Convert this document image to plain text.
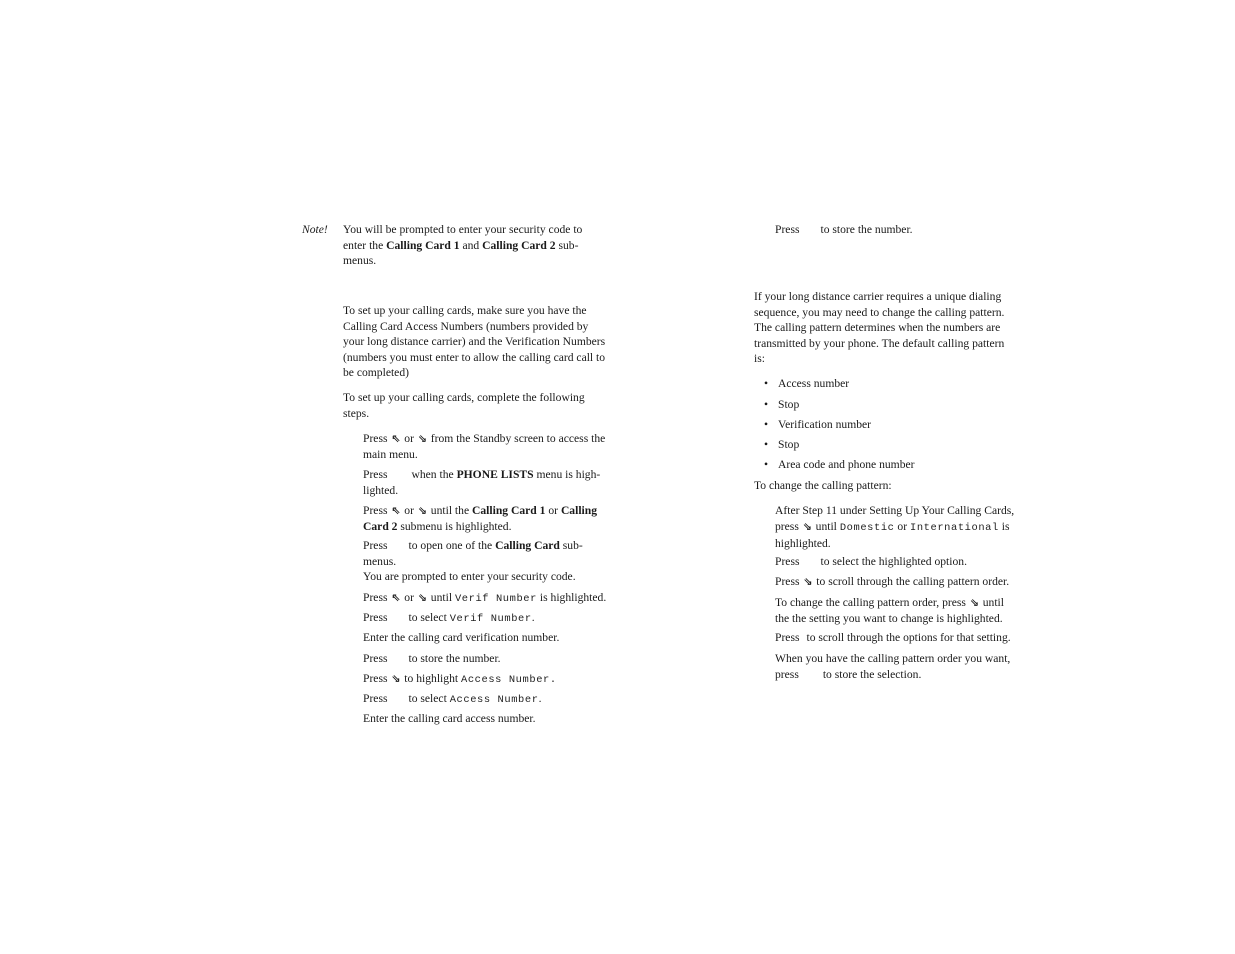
Note! You will be prompted to enter your security code to
enter the Calling Card 1 and Calling Card 2 sub-
menus.
To set up your calling cards, make sure you have the
Calling Card Access Numbers (numbers provided by
your long distance carrier) and the Verification Numbers
(numbers you must enter to allow the calling card call to
be completed)
To set up your calling cards, complete the following
steps.
Press ⇖ or ⇘ from the Standby screen to access the
main menu.
Press when the PHONE LISTS menu is high-
lighted.
Press ⇖ or ⇘ until the Calling Card 1 or Calling
Card 2 submenu is highlighted.
Press to open one of the Calling Card sub-
menus.
You are prompted to enter your security code.
Press ⇖ or ⇘ until Verif Number is highlighted.
Press to select Verif Number.
Enter the calling card verification number.
Press to store the number.
Press ⇘ to highlight Access Number.
Press to select Access Number.
Enter the calling card access number.
Press to store the number.
If your long distance carrier requires a unique dialing
sequence, you may need to change the calling pattern.
The calling pattern determines when the numbers are
transmitted by your phone. The default calling pattern
is:
• Access number
• Stop
• Verification number
• Stop
• Area code and phone number
To change the calling pattern:
After Step 11 under Setting Up Your Calling Cards,
press ⇘ until Domestic or International is
highlighted.
Press to select the highlighted option.
Press ⇘ to scroll through the calling pattern order.
To change the calling pattern order, press ⇘ until
the the setting you want to change is highlighted.
Press to scroll through the options for that setting.
When you have the calling pattern order you want,
press to store the selection.
